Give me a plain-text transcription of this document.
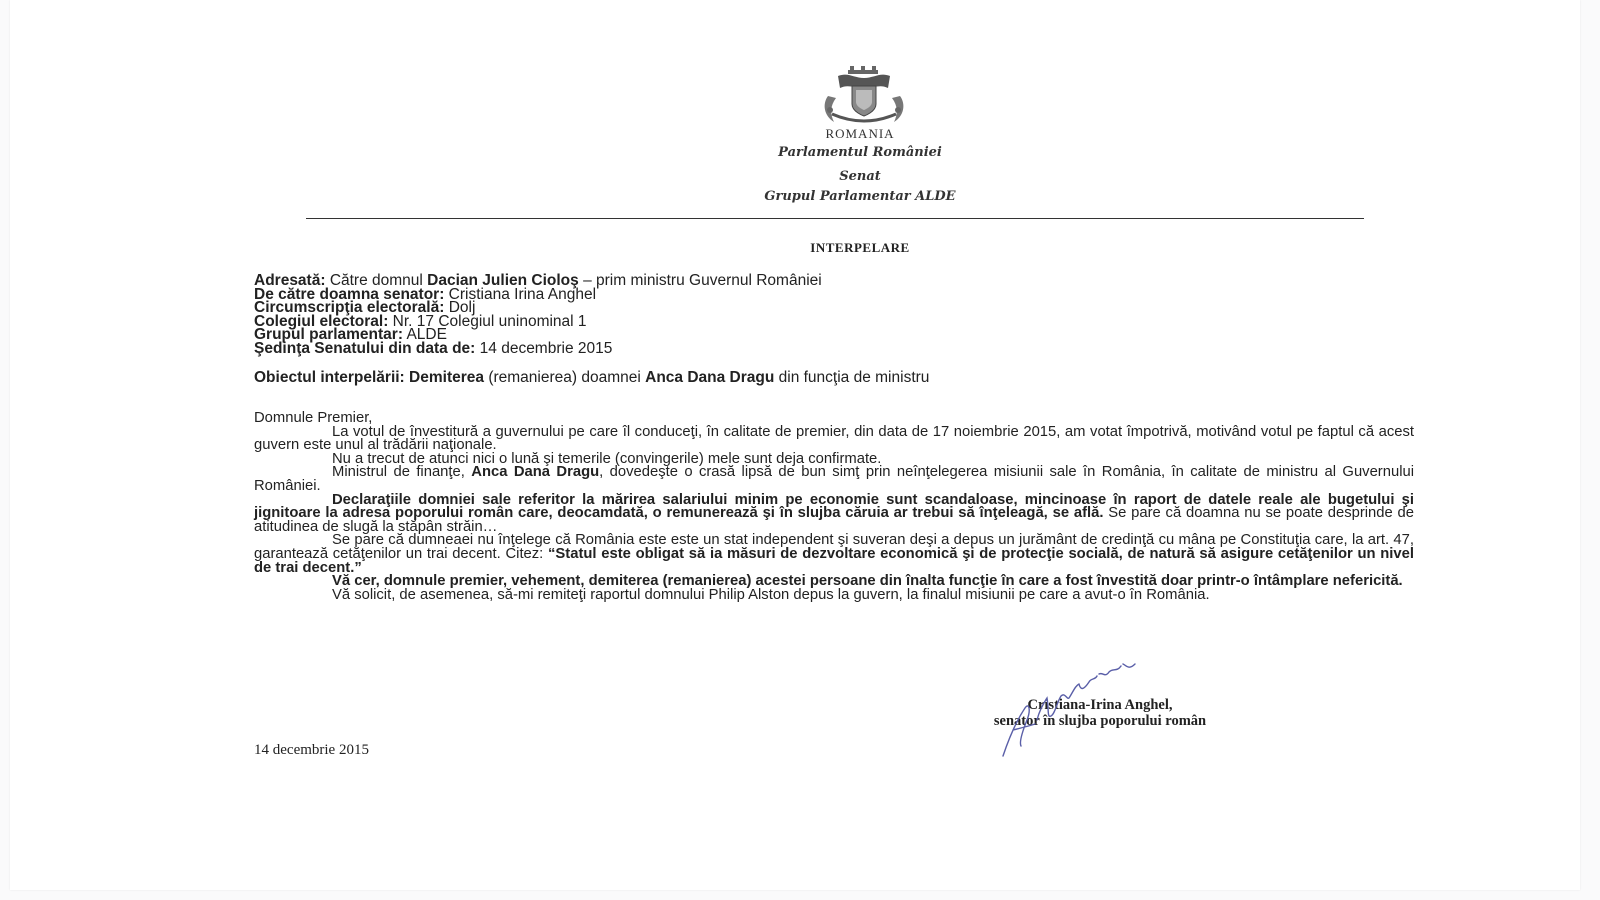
ROMANIA
Parlamentul României
Senat
Grupul Parlamentar ALDE
INTERPELARE
Adresată: Către domnul Dacian Julien Cioloş – prim ministru Guvernul României
De către doamna senator: Cristiana Irina Anghel
Circumscripţia electorală: Dolj
Colegiul electoral: Nr. 17 Colegiul uninominal 1
Grupul parlamentar: ALDE
Şedinţa Senatului din data de: 14 decembrie 2015
Obiectul interpelării: Demiterea (remanierea) doamnei Anca Dana Dragu din funcţia de ministru

Domnule Premier,

La votul de învestitură a guvernului pe care îl conduceţi, în calitate de premier, din data de 17 noiembrie 2015, am votat împotrivă, motivând votul pe faptul că acest guvern este unul al trădării naţionale.

Nu a trecut de atunci nici o lună şi temerile (convingerile) mele sunt deja confirmate.

Ministrul de finanţe, Anca Dana Dragu, dovedeşte o crasă lipsă de bun simţ prin neînţelegerea misiunii sale în România, în calitate de ministru al Guvernului României.

Declaraţiile domniei sale referitor la mărirea salariului minim pe economie sunt scandaloase, mincinoase în raport de datele reale ale bugetului şi jignitoare la adresa poporului român care, deocamdată, o remunerează şi în slujba căruia ar trebui să înţeleagă, se află. Se pare că doamna nu se poate desprinde de atitudinea de slugă la stăpân străin…

Se pare că dumneaei nu înţelege că România este este un stat independent şi suveran deşi a depus un jurământ de credinţă cu mâna pe Constituţia care, la art. 47, garantează cetăţenilor un trai decent. Citez: “Statul este obligat să ia măsuri de dezvoltare economică şi de protecţie socială, de natură să asigure cetăţenilor un nivel de trai decent.”

Vă cer, domnule premier, vehement, demiterea (remanierea) acestei persoane din înalta funcţie în care a fost învestită doar printr-o întâmplare nefericită.

Vă solicit, de asemenea, să-mi remiteţi raportul domnului Philip Alston depus la guvern, la finalul misiunii pe care a avut-o în România.

Cristiana-Irina Anghel,
senator în slujba poporului român
14 decembrie 2015
